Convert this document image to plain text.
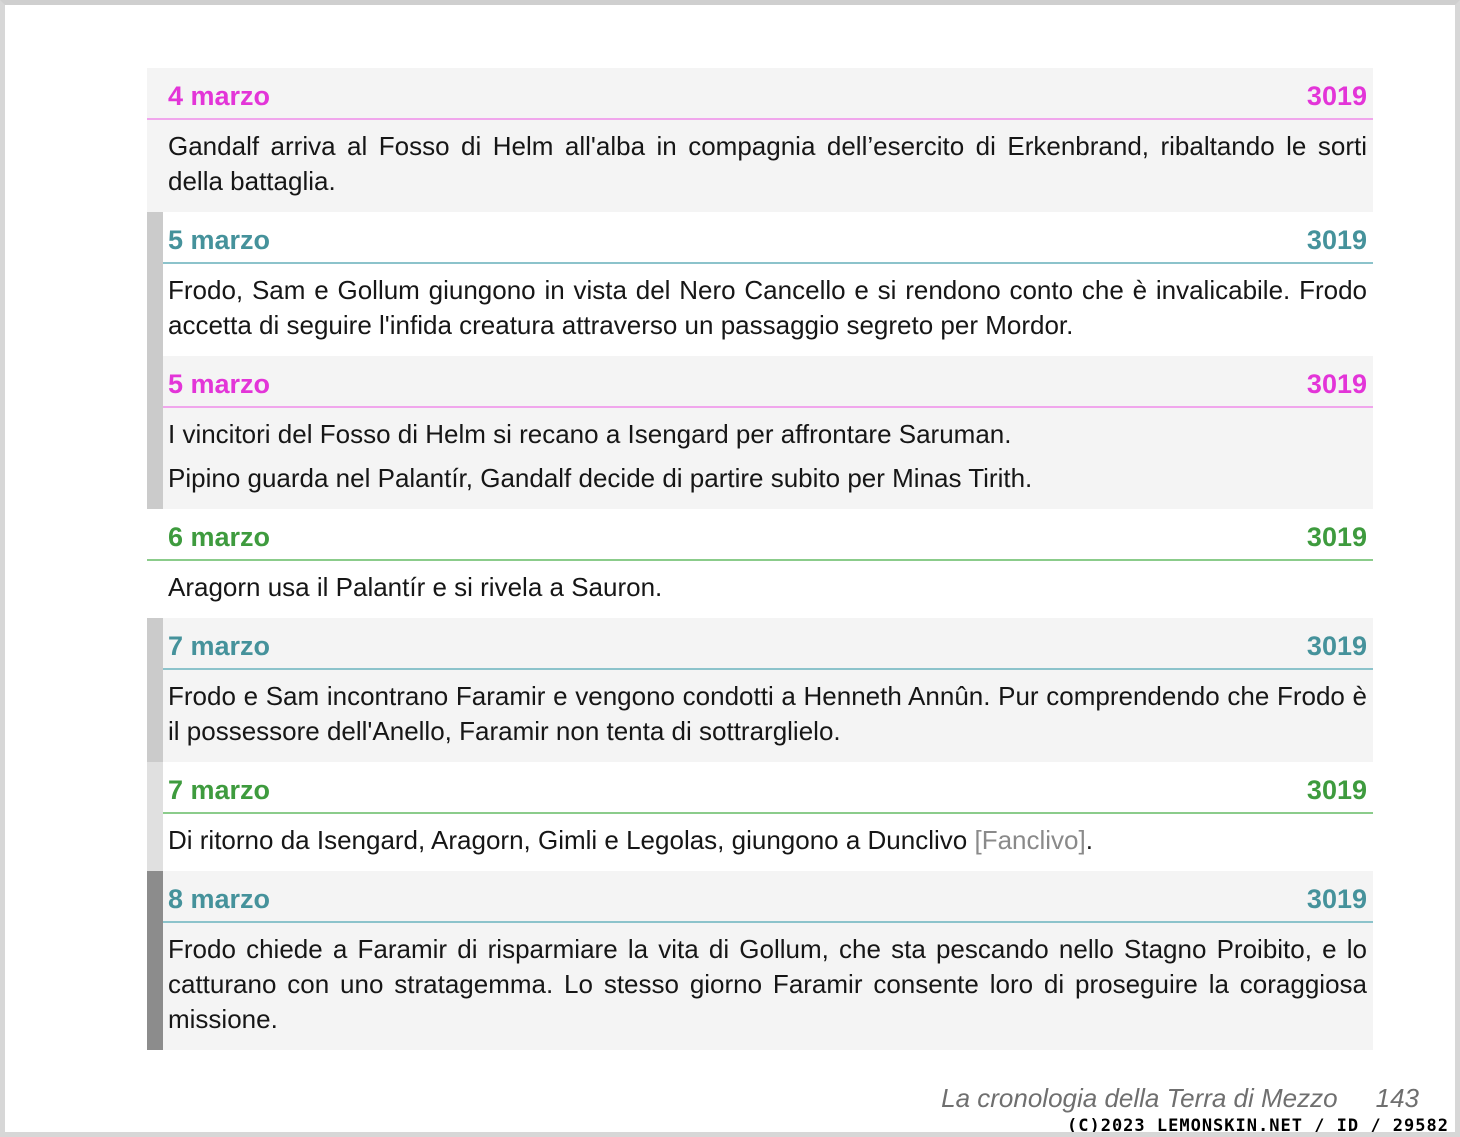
4 marzo	3019

Gandalf arriva al Fosso di Helm all'alba in compagnia dell’esercito di Erkenbrand, ribaltando le sorti della battaglia.

5 marzo	3019

Frodo, Sam e Gollum giungono in vista del Nero Cancello e si rendono conto che è invalicabile. Frodo accetta di seguire l'infida creatura attraverso un passaggio segreto per Mordor.

5 marzo	3019

I vincitori del Fosso di Helm si recano a Isengard per affrontare Saruman.

Pipino guarda nel Palantír, Gandalf decide di partire subito per Minas Tirith.

6 marzo	3019

Aragorn usa il Palantír e si rivela a Sauron.

7 marzo	3019

Frodo e Sam incontrano Faramir e vengono condotti a Henneth Annûn. Pur comprendendo che Frodo è il possessore dell'Anello, Faramir non tenta di sottrarglielo.

7 marzo	3019

Di ritorno da Isengard, Aragorn, Gimli e Legolas, giungono a Dunclivo [Fanclivo].

8 marzo	3019

Frodo chiede a Faramir di risparmiare la vita di Gollum, che sta pescando nello Stagno Proibito, e lo catturano con uno stratagemma. Lo stesso giorno Faramir consente loro di proseguire la coraggiosa missione.

La cronologia della Terra di Mezzo 143
(C)2023 LEMONSKIN.NET / ID / 29582
